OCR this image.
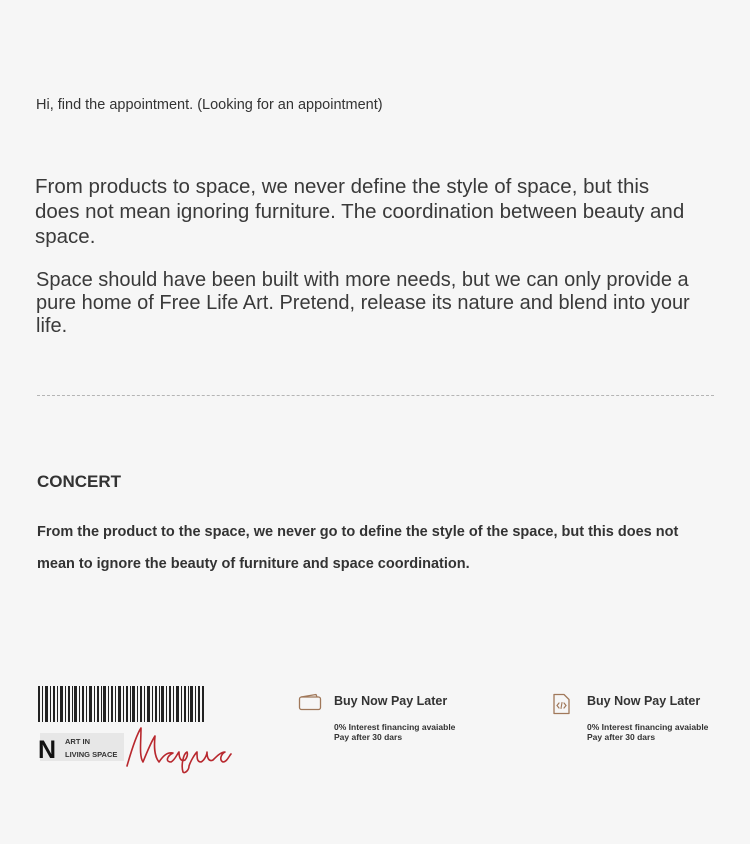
Hi, find the appointment. (Looking for an appointment)

From products to space, we never define the style of space, but this does not mean ignoring furniture. The coordination between beauty and space.

Space should have been built with more needs, but we can only provide a pure home of Free Life Art. Pretend, release its nature and blend into your life.

CONCERT

From the product to the space, we never go to define the style of the space, but this does not mean to ignore the beauty of furniture and space coordination.

N ART IN
LIVING SPACE
Buy Now Pay Later
0% Interest financing avaiable
Pay after 30 dars
Buy Now Pay Later
0% Interest financing avaiable
Pay after 30 dars
